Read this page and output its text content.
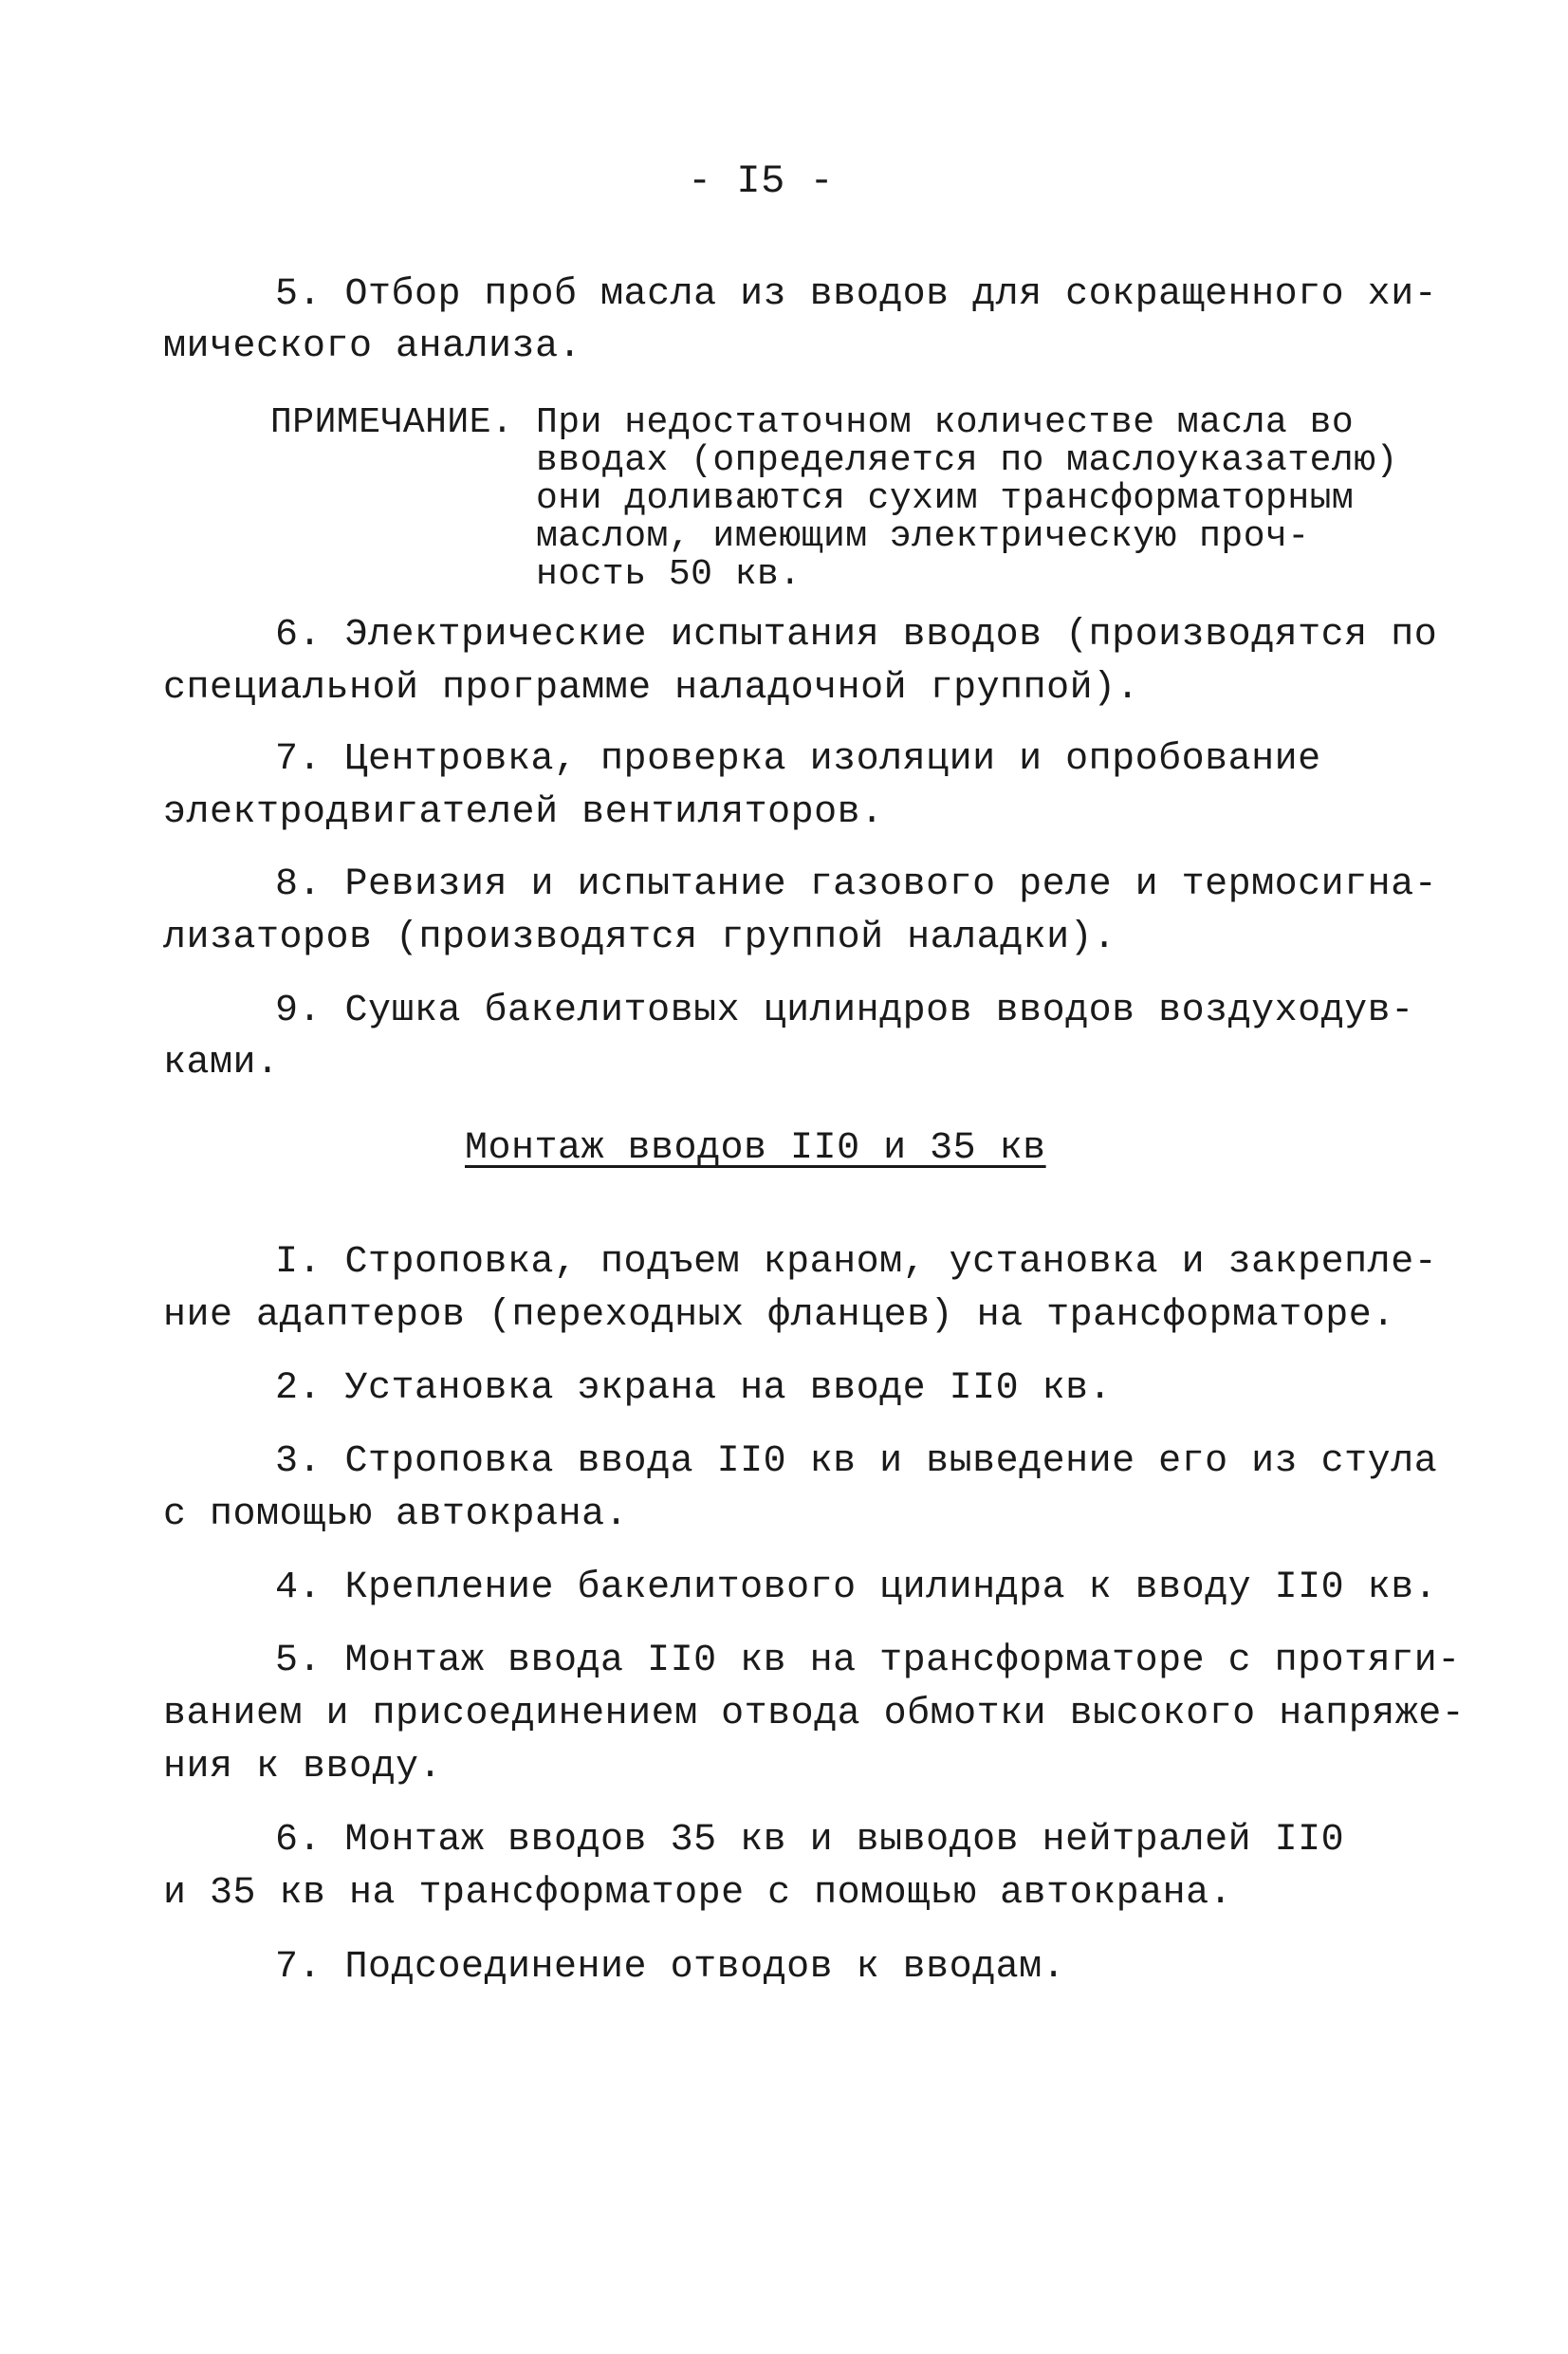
- I5 -
5. Отбор проб масла из вводов для сокращенного хи-
мического анализа.
ПРИМЕЧАНИЕ. При недостаточном количестве масла во
вводах (определяется по маслоуказателю)
они доливаются сухим трансформаторным
маслом, имеющим электрическую проч-
ность 50 кв.
6. Электрические испытания вводов (производятся по
специальной программе наладочной группой).
7. Центровка, проверка изоляции и опробование
электродвигателей вентиляторов.
8. Ревизия и испытание газового реле и термосигна-
лизаторов (производятся группой наладки).
9. Сушка бакелитовых цилиндров вводов воздуходув-
ками.
Монтаж вводов II0 и 35 кв
I. Строповка, подъем краном, установка и закрепле-
ние адаптеров (переходных фланцев) на трансформаторе.
2. Установка экрана на вводе II0 кв.
3. Строповка ввода II0 кв и выведение его из стула
с помощью автокрана.
4. Крепление бакелитового цилиндра к вводу II0 кв.
5. Монтаж ввода II0 кв на трансформаторе с протяги-
ванием и присоединением отвода обмотки высокого напряже-
ния к вводу.
6. Монтаж вводов 35 кв и выводов нейтралей II0
и 35 кв на трансформаторе с помощью автокрана.
7. Подсоединение отводов к вводам.
